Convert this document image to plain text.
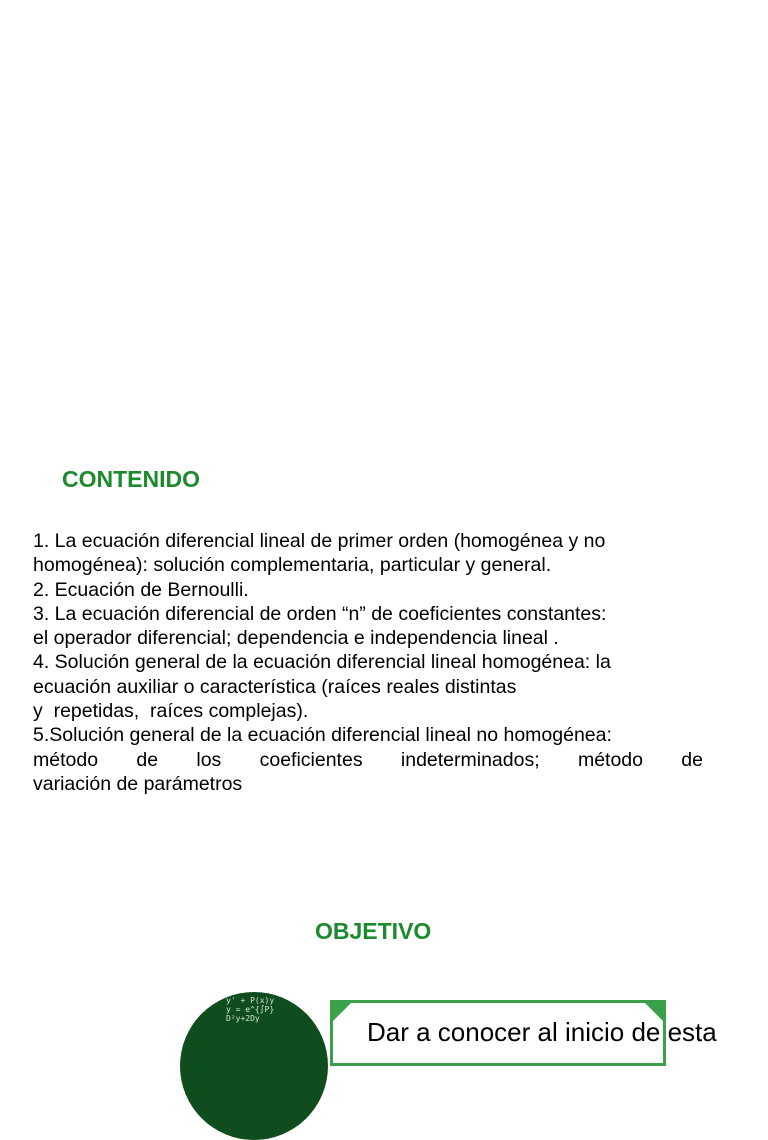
CONTENIDO
1. La ecuación diferencial lineal de primer orden (homogénea y no
homogénea): solución complementaria, particular y general.
2. Ecuación de Bernoulli.
3. La ecuación diferencial de orden “n” de coeficientes constantes:
el operador diferencial; dependencia e independencia lineal .
4. Solución general de la ecuación diferencial lineal homogénea: la
ecuación auxiliar o característica (raíces reales distintas
y  repetidas,  raíces complejas).
5.Solución general de la ecuación diferencial lineal no homogénea:
método de los coeficientes indeterminados; método de
variación de parámetros
OBJETIVO
y' + P(x)y
y = e^{∫P}
D²y+2Dy	Dar a conocer al inicio de esta
